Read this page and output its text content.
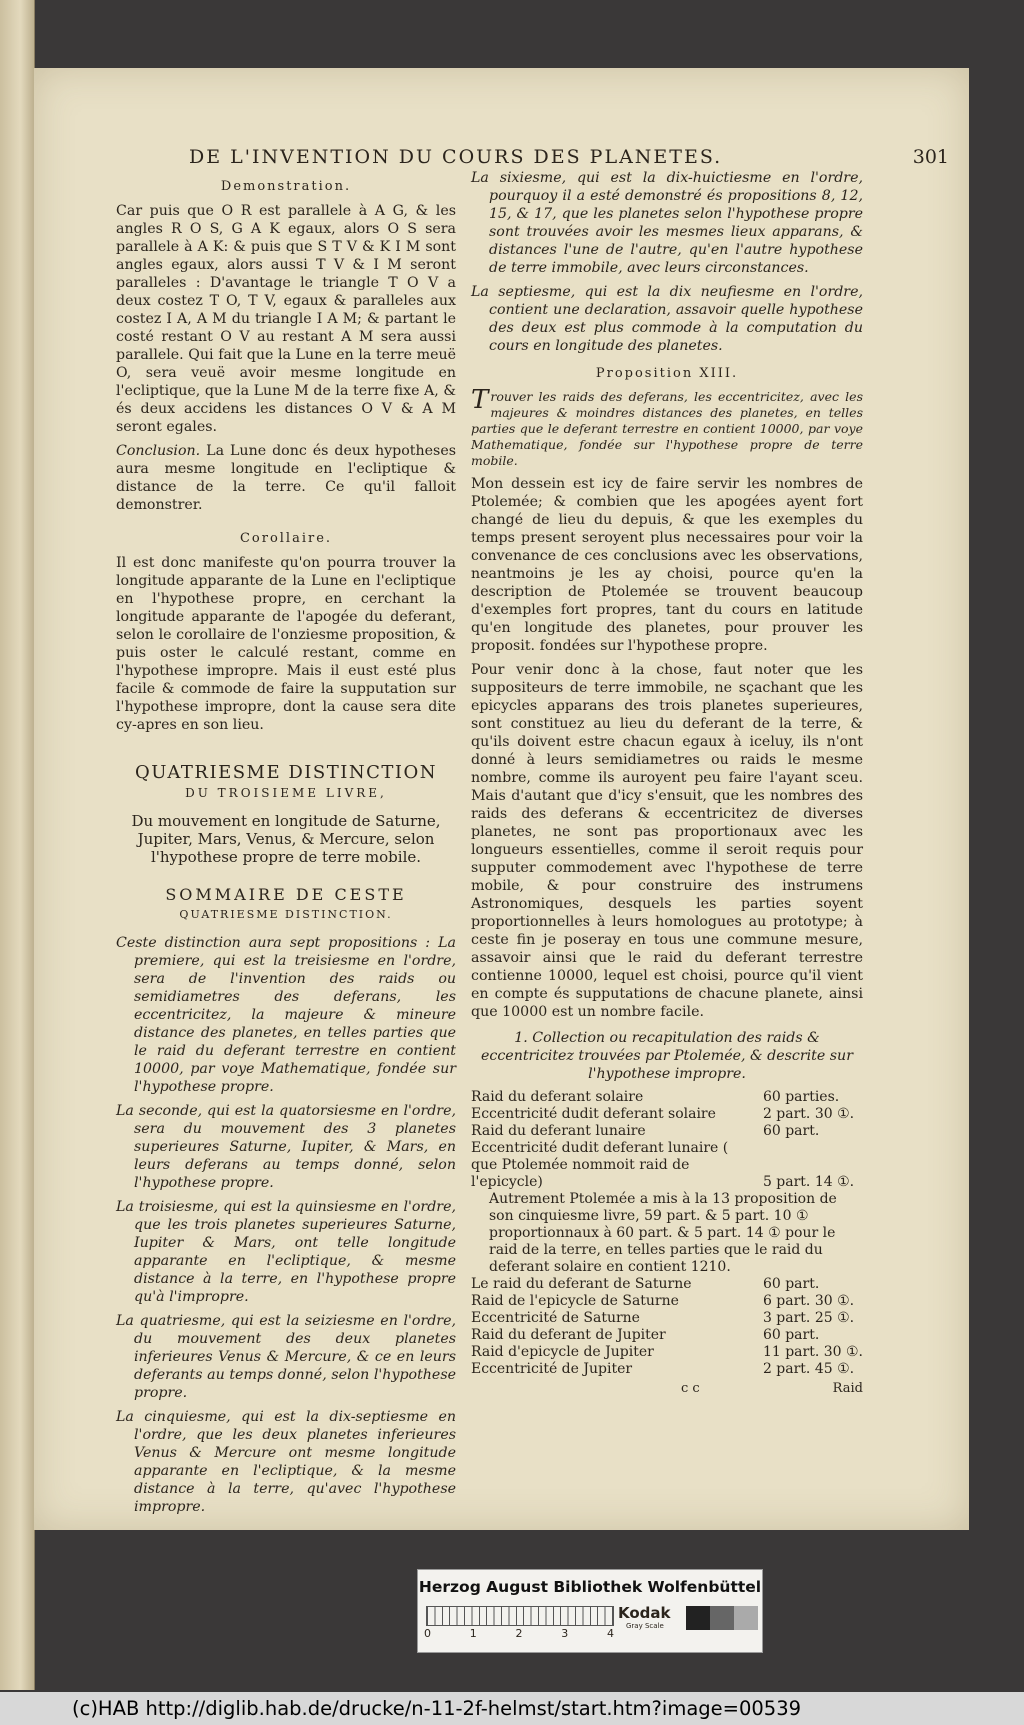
DE L'INVENTION DU COURS DES PLANETES.	301
Demonstration.

Car puis que O R est parallele à A G, & les angles R O S, G A K egaux, alors O S sera parallele à A K: & puis que S T V & K I M sont angles egaux, alors aussi T V & I M seront paralleles : D'avantage le triangle T O V a deux costez T O, T V, egaux & paralleles aux costez I A, A M du triangle I A M; & partant le costé restant O V au restant A M sera aussi parallele. Qui fait que la Lune en la terre meuë O, sera veuë avoir mesme longitude en l'ecliptique, que la Lune M de la terre fixe A, & és deux accidens les distances O V & A M seront egales.

Conclusion. La Lune donc és deux hypotheses aura mesme longitude en l'ecliptique & distance de la terre. Ce qu'il falloit demonstrer.

Corollaire.

Il est donc manifeste qu'on pourra trouver la longitude apparante de la Lune en l'ecliptique en l'hypothese propre, en cerchant la longitude apparante de l'apogée du deferant, selon le corollaire de l'onziesme proposition, & puis oster le calculé restant, comme en l'hypothese impropre. Mais il eust esté plus facile & commode de faire la supputation sur l'hypothese impropre, dont la cause sera dite cy-apres en son lieu.

QUATRIESME DISTINCTION
DU TROISIEME LIVRE,
Du mouvement en longitude de Saturne, Jupiter, Mars, Venus, & Mercure, selon l'hypothese propre de terre mobile.
SOMMAIRE DE CESTE
QUATRIESME DISTINCTION.

Ceste distinction aura sept propositions : La premiere, qui est la treisiesme en l'ordre, sera de l'invention des raids ou semidiametres des deferans, les eccentricitez, la majeure & mineure distance des planetes, en telles parties que le raid du deferant terrestre en contient 10000, par voye Mathematique, fondée sur l'hypothese propre.

La seconde, qui est la quatorsiesme en l'ordre, sera du mouvement des 3 planetes superieures Saturne, Iupiter, & Mars, en leurs deferans au temps donné, selon l'hypothese propre.

La troisiesme, qui est la quinsiesme en l'ordre, que les trois planetes superieures Saturne, Iupiter & Mars, ont telle longitude apparante en l'ecliptique, & mesme distance à la terre, en l'hypothese propre qu'à l'impropre.

La quatriesme, qui est la seiziesme en l'ordre, du mouvement des deux planetes inferieures Venus & Mercure, & ce en leurs deferants au temps donné, selon l'hypothese propre.

La cinquiesme, qui est la dix-septiesme en l'ordre, que les deux planetes inferieures Venus & Mercure ont mesme longitude apparante en l'ecliptique, & la mesme distance à la terre, qu'avec l'hypothese impropre.

La sixiesme, qui est la dix-huictiesme en l'ordre, pourquoy il a esté demonstré és propositions 8, 12, 15, & 17, que les planetes selon l'hypothese propre sont trouvées avoir les mesmes lieux apparans, & distances l'une de l'autre, qu'en l'autre hypothese de terre immobile, avec leurs circonstances.

La septiesme, qui est la dix neufiesme en l'ordre, contient une declaration, assavoir quelle hypothese des deux est plus commode à la computation du cours en longitude des planetes.

Proposition XIII.

Trouver les raids des deferans, les eccentricitez, avec les majeures & moindres distances des planetes, en telles parties que le deferant terrestre en contient 10000, par voye Mathematique, fondée sur l'hypothese propre de terre mobile.

Mon dessein est icy de faire servir les nombres de Ptolemée; & combien que les apogées ayent fort changé de lieu du depuis, & que les exemples du temps present seroyent plus necessaires pour voir la convenance de ces conclusions avec les observations, neantmoins je les ay choisi, pource qu'en la description de Ptolemée se trouvent beaucoup d'exemples fort propres, tant du cours en latitude qu'en longitude des planetes, pour prouver les proposit. fondées sur l'hypothese propre.

Pour venir donc à la chose, faut noter que les suppositeurs de terre immobile, ne sçachant que les epicycles apparans des trois planetes superieures, sont constituez au lieu du deferant de la terre, & qu'ils doivent estre chacun egaux à iceluy, ils n'ont donné à leurs semidiametres ou raids le mesme nombre, comme ils auroyent peu faire l'ayant sceu. Mais d'autant que d'icy s'ensuit, que les nombres des raids des deferans & eccentricitez de diverses planetes, ne sont pas proportionaux avec les longueurs essentielles, comme il seroit requis pour supputer commodement avec l'hypothese de terre mobile, & pour construire des instrumens Astronomiques, desquels les parties soyent proportionnelles à leurs homologues au prototype; à ceste fin je poseray en tous une commune mesure, assavoir ainsi que le raid du deferant terrestre contienne 10000, lequel est choisi, pource qu'il vient en compte és supputations de chacune planete, ainsi que 10000 est un nombre facile.

1. Collection ou recapitulation des raids & eccentricitez trouvées par Ptolemée, & descrite sur l'hypothese impropre.

Raid du deferant solaire	60 parties.
Eccentricité dudit deferant solaire	2 part. 30 ①.
Raid du deferant lunaire	60 part.
Eccentricité dudit deferant lunaire ( que Ptolemée nommoit raid de l'epicycle)	5 part. 14 ①.
Autrement Ptolemée a mis à la 13 proposition de son cinquiesme livre, 59 part. & 5 part. 10 ① proportionnaux à 60 part. & 5 part. 14 ① pour le raid de la terre, en telles parties que le raid du deferant solaire en contient 1210.	
Le raid du deferant de Saturne	60 part.
Raid de l'epicycle de Saturne	6 part. 30 ①.
Eccentricité de Saturne	3 part. 25 ①.
Raid du deferant de Jupiter	60 part.
Raid d'epicycle de Jupiter	11 part. 30 ①.
Eccentricité de Jupiter	2 part. 45 ①.
c c	Raid
Herzog August Bibliothek Wolfenbüttel
0	1	2	3	4
Kodak
Gray Scale
(c)HAB http://diglib.hab.de/drucke/n-11-2f-helmst/start.htm?image=00539
